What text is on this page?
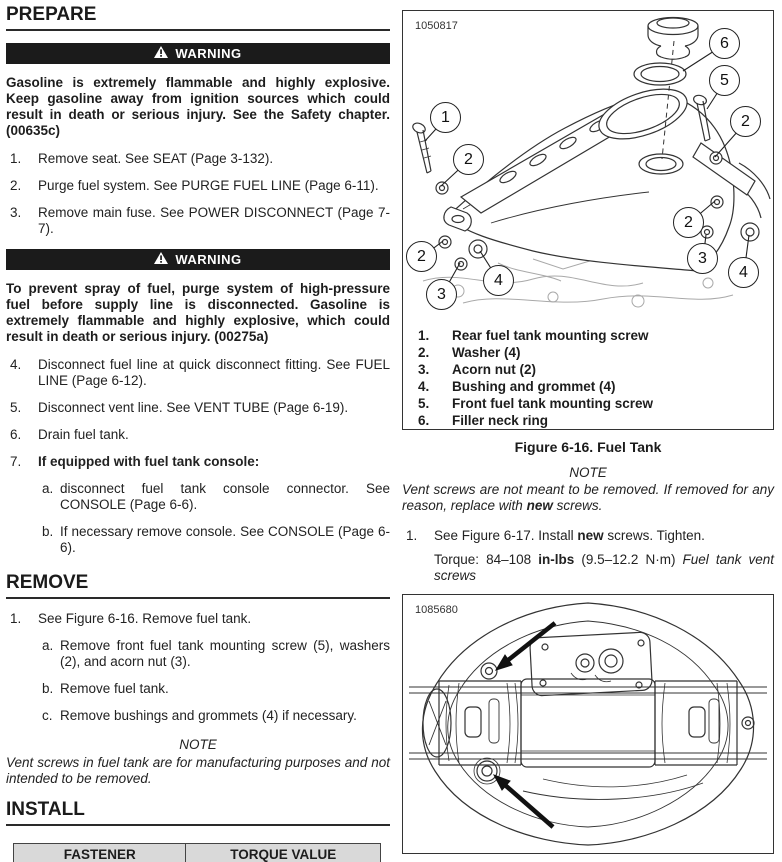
PREPARE
WARNING

Gasoline is extremely flammable and highly explosive. Keep gasoline away from ignition sources which could result in death or serious injury. See the Safety chapter. (00635c)

1.	Remove seat. See SEAT (Page 3-132).
2.	Purge fuel system. See PURGE FUEL LINE (Page 6-11).
3.	Remove main fuse. See POWER DISCONNECT (Page 7-7).
WARNING

To prevent spray of fuel, purge system of high-pressure fuel before supply line is disconnected. Gasoline is extremely flammable and highly explosive, which could result in death or serious injury. (00275a)

4.	Disconnect fuel line at quick disconnect fitting. See FUEL LINE (Page 6-12).
5.	Disconnect vent line. See VENT TUBE (Page 6-19).
6.	Drain fuel tank.
7.	If equipped with fuel tank console:
a. disconnect fuel tank console connector. See CONSOLE (Page 6-6).
b. If necessary remove console. See CONSOLE (Page 6-6).
REMOVE
1.	See Figure 6-16. Remove fuel tank.
a. Remove front fuel tank mounting screw (5), washers (2), and acorn nut (3).
b. Remove fuel tank.
c. Remove bushings and grommets (4) if necessary.
NOTE

Vent screws in fuel tank are for manufacturing purposes and not intended to be removed.

INSTALL
FASTENER	TORQUE VALUE
1050817
6
5
2
1
2
2
3
4
2
3
4
1.	Rear fuel tank mounting screw
2.	Washer (4)
3.	Acorn nut (2)
4.	Bushing and grommet (4)
5.	Front fuel tank mounting screw
6.	Filler neck ring
Figure 6-16. Fuel Tank
NOTE

Vent screws are not meant to be removed. If removed for any reason, replace with new screws.

1.	See Figure 6-17. Install new screws. Tighten.

Torque: 84–108 in-lbs (9.5–12.2 N·m) Fuel tank vent screws

1085680
